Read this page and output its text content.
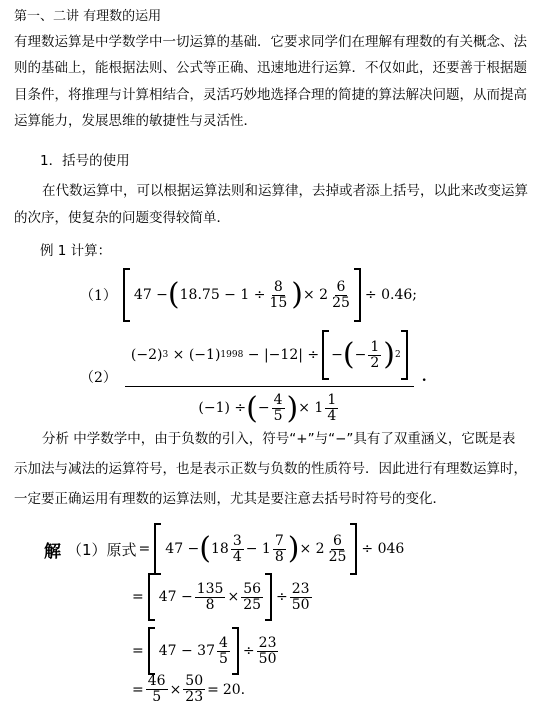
第一、二讲 有理数的运用
有理数运算是中学数学中一切运算的基础．它要求同学们在理解有理数的有关概念、法
则的基础上，能根据法则、公式等正确、迅速地进行运算．不仅如此，还要善于根据题
目条件，将推理与计算相结合，灵活巧妙地选择合理的简捷的算法解决问题，从而提高
运算能力，发展思维的敏捷性与灵活性．
1．括号的使用
在代数运算中，可以根据运算法则和运算律，去掉或者添上括号，以此来改变运算
的次序，使复杂的问题变得较简单．
例 1 计算：
（1） 47 − ( $18.75 - 1 \div \frac{8}{15}$ ) × $2 \frac{6}{25} \div 0.46$;
（2）
(−2) 3 × (−1) 1998 − |−12| ÷ − ( − $\frac{1}{2}$ ) 2
(−1) ÷ ( − $\frac{4}{5}$ ) × $1 \frac{1}{4}$
.
分析 中学数学中，由于负数的引入，符号“+”与“−”具有了双重涵义，它既是表
示加法与减法的运算符号，也是表示正数与负数的性质符号．因此进行有理数运算时，
一定要正确运用有理数的运算法则，尤其是要注意去括号时符号的变化．
解 （1）原式 = 47 − ( $18 \frac{3}{4} - 1 \frac{7}{8}$ ) × $2 \frac{6}{25} \div 046$
= $47 - \frac{135}{8} \times \frac{56}{25} \div \frac{23}{50}$
= $47 - 37 \frac{4}{5} \div \frac{23}{50}$
= $\frac{46}{5} \times \frac{50}{23} = 20$.
